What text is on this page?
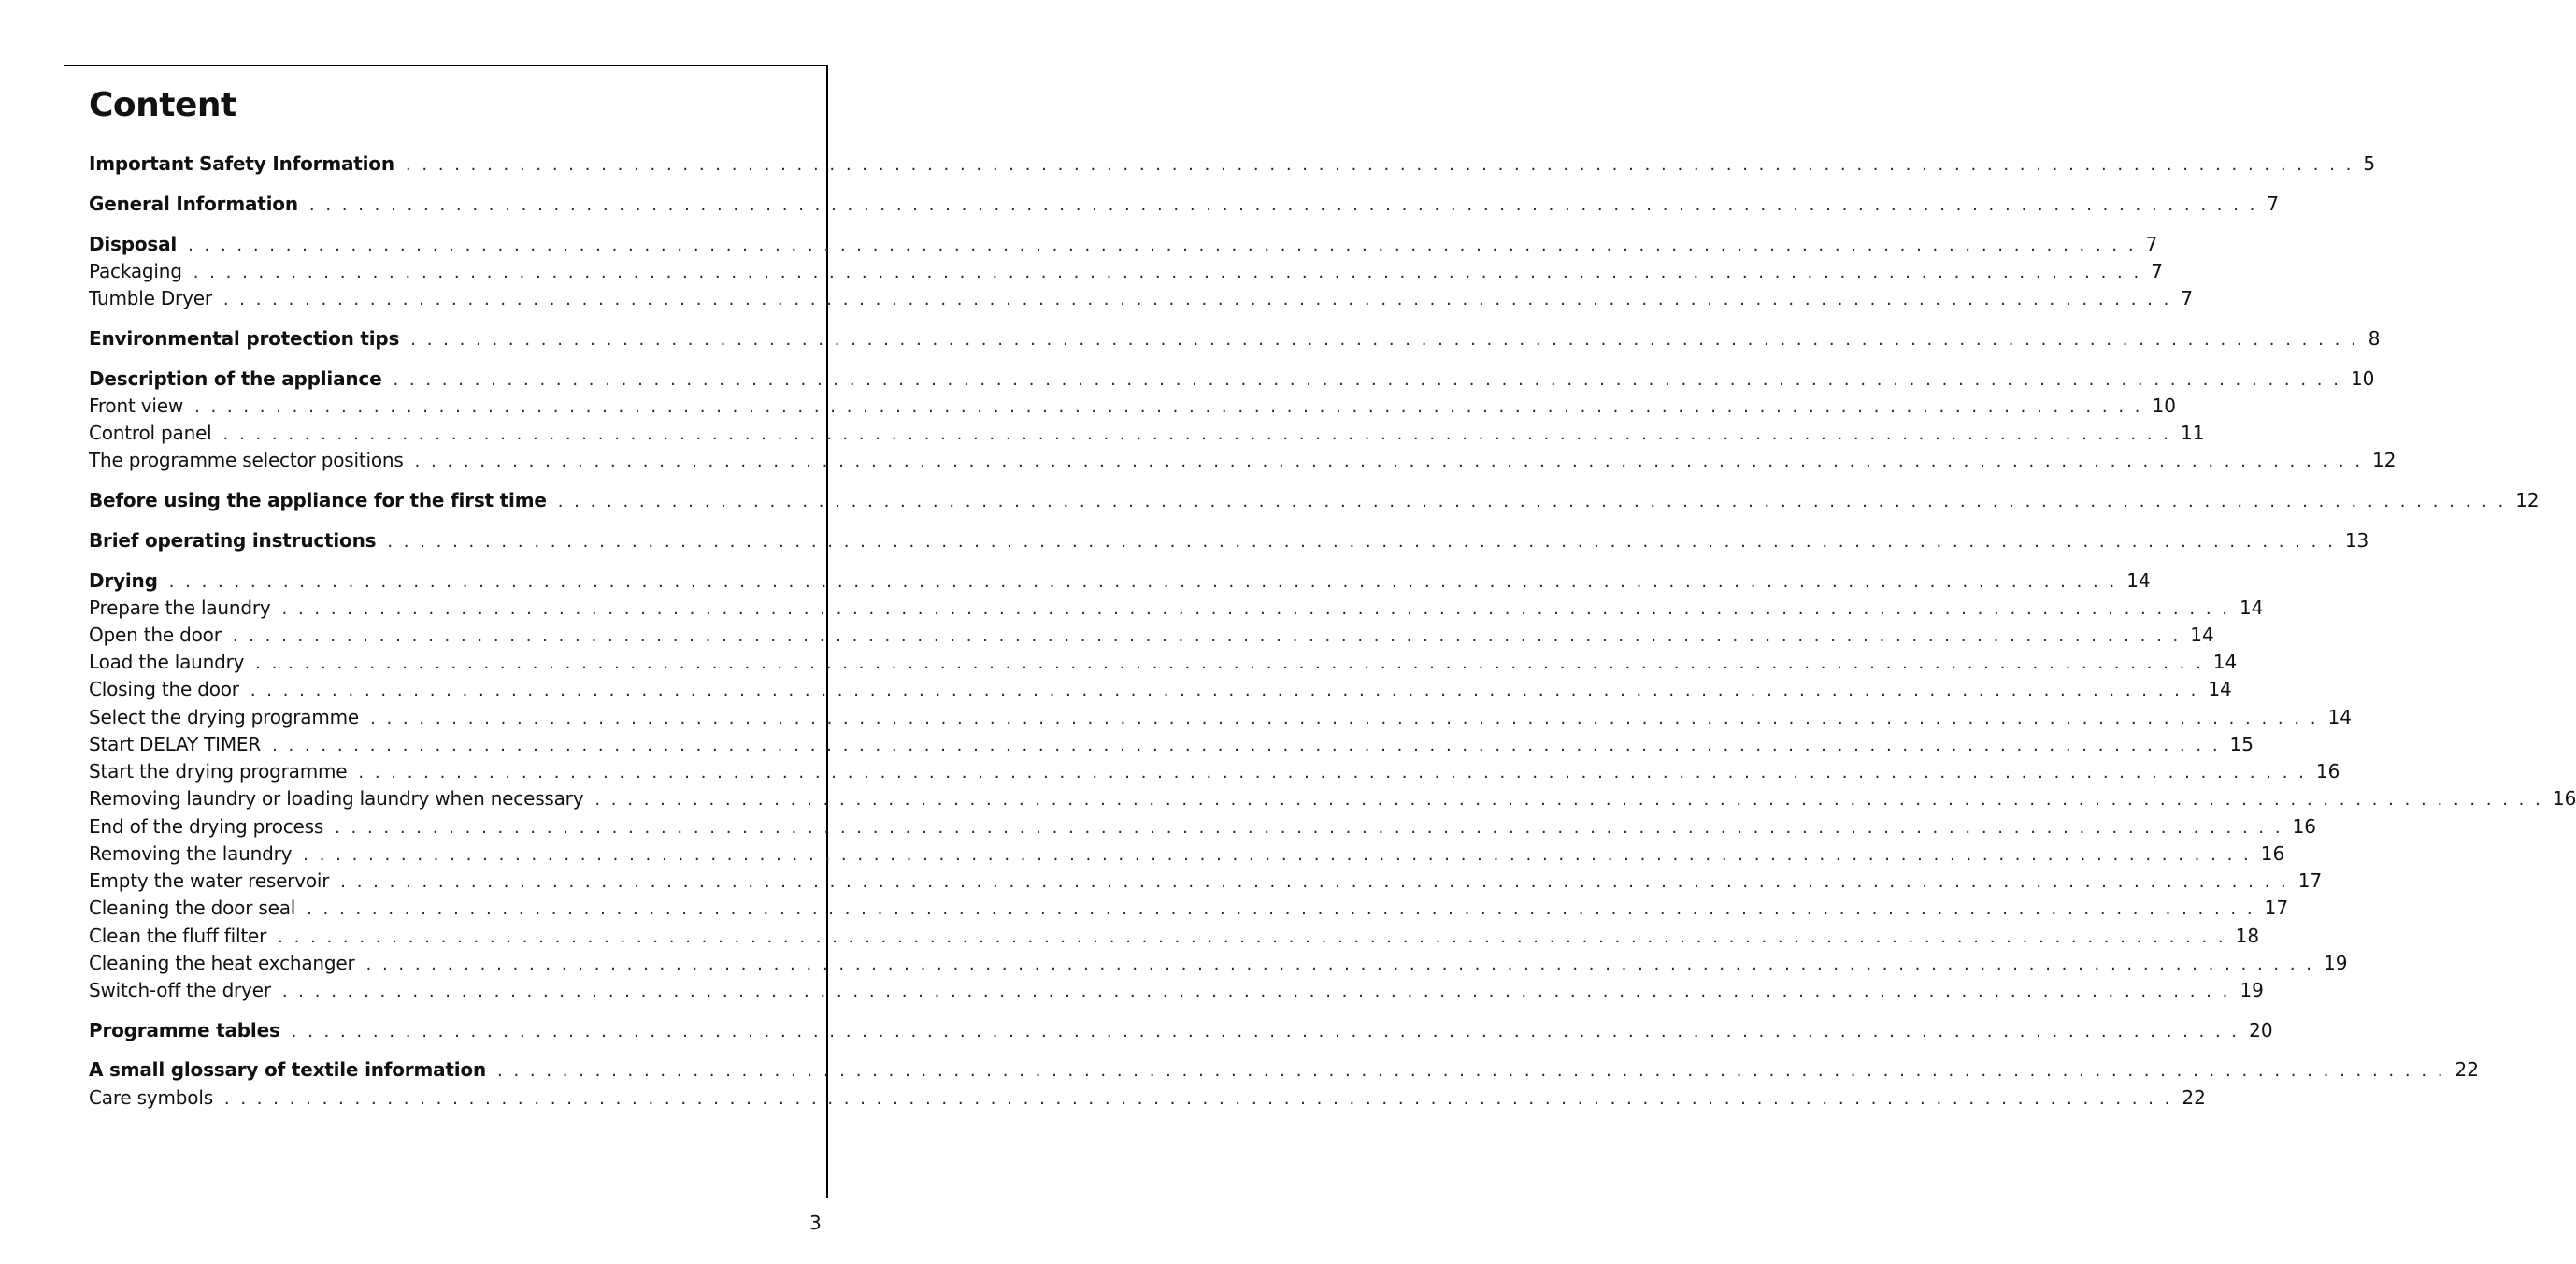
Content
Important Safety Information . . . . . . . . . . . . . . . . . . . . . . . . . . . . . . . . . . . . . . . . . . . . . . . . . . . . . . . . . . . . . . . . . . . . . . . . . . . . . . . . . . . . . . . . . . . . . . . . . . . . . . . . . . . . . . . . . . . . . . . . 5
General Information . . . . . . . . . . . . . . . . . . . . . . . . . . . . . . . . . . . . . . . . . . . . . . . . . . . . . . . . . . . . . . . . . . . . . . . . . . . . . . . . . . . . . . . . . . . . . . . . . . . . . . . . . . . . . . . . . . . . . . . . 7
Disposal . . . . . . . . . . . . . . . . . . . . . . . . . . . . . . . . . . . . . . . . . . . . . . . . . . . . . . . . . . . . . . . . . . . . . . . . . . . . . . . . . . . . . . . . . . . . . . . . . . . . . . . . . . . . . . . . . . . . . . . . 7
Packaging . . . . . . . . . . . . . . . . . . . . . . . . . . . . . . . . . . . . . . . . . . . . . . . . . . . . . . . . . . . . . . . . . . . . . . . . . . . . . . . . . . . . . . . . . . . . . . . . . . . . . . . . . . . . . . . . . . . . . . . . 7
Tumble Dryer . . . . . . . . . . . . . . . . . . . . . . . . . . . . . . . . . . . . . . . . . . . . . . . . . . . . . . . . . . . . . . . . . . . . . . . . . . . . . . . . . . . . . . . . . . . . . . . . . . . . . . . . . . . . . . . . . . . . . . . . 7
Environmental protection tips . . . . . . . . . . . . . . . . . . . . . . . . . . . . . . . . . . . . . . . . . . . . . . . . . . . . . . . . . . . . . . . . . . . . . . . . . . . . . . . . . . . . . . . . . . . . . . . . . . . . . . . . . . . . . . . . . . . . . . . . 8
Description of the appliance . . . . . . . . . . . . . . . . . . . . . . . . . . . . . . . . . . . . . . . . . . . . . . . . . . . . . . . . . . . . . . . . . . . . . . . . . . . . . . . . . . . . . . . . . . . . . . . . . . . . . . . . . . . . . . . . . . . . . . . . 10
Front view . . . . . . . . . . . . . . . . . . . . . . . . . . . . . . . . . . . . . . . . . . . . . . . . . . . . . . . . . . . . . . . . . . . . . . . . . . . . . . . . . . . . . . . . . . . . . . . . . . . . . . . . . . . . . . . . . . . . . . . . 10
Control panel . . . . . . . . . . . . . . . . . . . . . . . . . . . . . . . . . . . . . . . . . . . . . . . . . . . . . . . . . . . . . . . . . . . . . . . . . . . . . . . . . . . . . . . . . . . . . . . . . . . . . . . . . . . . . . . . . . . . . . . . 11
The programme selector positions . . . . . . . . . . . . . . . . . . . . . . . . . . . . . . . . . . . . . . . . . . . . . . . . . . . . . . . . . . . . . . . . . . . . . . . . . . . . . . . . . . . . . . . . . . . . . . . . . . . . . . . . . . . . . . . . . . . . . . . . 12
Before using the appliance for the first time . . . . . . . . . . . . . . . . . . . . . . . . . . . . . . . . . . . . . . . . . . . . . . . . . . . . . . . . . . . . . . . . . . . . . . . . . . . . . . . . . . . . . . . . . . . . . . . . . . . . . . . . . . . . . . . . . . . . . . . . 12
Brief operating instructions . . . . . . . . . . . . . . . . . . . . . . . . . . . . . . . . . . . . . . . . . . . . . . . . . . . . . . . . . . . . . . . . . . . . . . . . . . . . . . . . . . . . . . . . . . . . . . . . . . . . . . . . . . . . . . . . . . . . . . . . 13
Drying . . . . . . . . . . . . . . . . . . . . . . . . . . . . . . . . . . . . . . . . . . . . . . . . . . . . . . . . . . . . . . . . . . . . . . . . . . . . . . . . . . . . . . . . . . . . . . . . . . . . . . . . . . . . . . . . . . . . . . . . 14
Prepare the laundry . . . . . . . . . . . . . . . . . . . . . . . . . . . . . . . . . . . . . . . . . . . . . . . . . . . . . . . . . . . . . . . . . . . . . . . . . . . . . . . . . . . . . . . . . . . . . . . . . . . . . . . . . . . . . . . . . . . . . . . . 14
Open the door . . . . . . . . . . . . . . . . . . . . . . . . . . . . . . . . . . . . . . . . . . . . . . . . . . . . . . . . . . . . . . . . . . . . . . . . . . . . . . . . . . . . . . . . . . . . . . . . . . . . . . . . . . . . . . . . . . . . . . . . 14
Load the laundry . . . . . . . . . . . . . . . . . . . . . . . . . . . . . . . . . . . . . . . . . . . . . . . . . . . . . . . . . . . . . . . . . . . . . . . . . . . . . . . . . . . . . . . . . . . . . . . . . . . . . . . . . . . . . . . . . . . . . . . . 14
Closing the door . . . . . . . . . . . . . . . . . . . . . . . . . . . . . . . . . . . . . . . . . . . . . . . . . . . . . . . . . . . . . . . . . . . . . . . . . . . . . . . . . . . . . . . . . . . . . . . . . . . . . . . . . . . . . . . . . . . . . . . . 14
Select the drying programme . . . . . . . . . . . . . . . . . . . . . . . . . . . . . . . . . . . . . . . . . . . . . . . . . . . . . . . . . . . . . . . . . . . . . . . . . . . . . . . . . . . . . . . . . . . . . . . . . . . . . . . . . . . . . . . . . . . . . . . . 14
Start DELAY TIMER . . . . . . . . . . . . . . . . . . . . . . . . . . . . . . . . . . . . . . . . . . . . . . . . . . . . . . . . . . . . . . . . . . . . . . . . . . . . . . . . . . . . . . . . . . . . . . . . . . . . . . . . . . . . . . . . . . . . . . . . 15
Start the drying programme . . . . . . . . . . . . . . . . . . . . . . . . . . . . . . . . . . . . . . . . . . . . . . . . . . . . . . . . . . . . . . . . . . . . . . . . . . . . . . . . . . . . . . . . . . . . . . . . . . . . . . . . . . . . . . . . . . . . . . . . 16
Removing laundry or loading laundry when necessary . . . . . . . . . . . . . . . . . . . . . . . . . . . . . . . . . . . . . . . . . . . . . . . . . . . . . . . . . . . . . . . . . . . . . . . . . . . . . . . . . . . . . . . . . . . . . . . . . . . . . . . . . . . . . . . . . . . . . . . . 16
End of the drying process . . . . . . . . . . . . . . . . . . . . . . . . . . . . . . . . . . . . . . . . . . . . . . . . . . . . . . . . . . . . . . . . . . . . . . . . . . . . . . . . . . . . . . . . . . . . . . . . . . . . . . . . . . . . . . . . . . . . . . . . 16
Removing the laundry . . . . . . . . . . . . . . . . . . . . . . . . . . . . . . . . . . . . . . . . . . . . . . . . . . . . . . . . . . . . . . . . . . . . . . . . . . . . . . . . . . . . . . . . . . . . . . . . . . . . . . . . . . . . . . . . . . . . . . . . 16
Empty the water reservoir . . . . . . . . . . . . . . . . . . . . . . . . . . . . . . . . . . . . . . . . . . . . . . . . . . . . . . . . . . . . . . . . . . . . . . . . . . . . . . . . . . . . . . . . . . . . . . . . . . . . . . . . . . . . . . . . . . . . . . . . 17
Cleaning the door seal . . . . . . . . . . . . . . . . . . . . . . . . . . . . . . . . . . . . . . . . . . . . . . . . . . . . . . . . . . . . . . . . . . . . . . . . . . . . . . . . . . . . . . . . . . . . . . . . . . . . . . . . . . . . . . . . . . . . . . . . 17
Clean the fluff filter . . . . . . . . . . . . . . . . . . . . . . . . . . . . . . . . . . . . . . . . . . . . . . . . . . . . . . . . . . . . . . . . . . . . . . . . . . . . . . . . . . . . . . . . . . . . . . . . . . . . . . . . . . . . . . . . . . . . . . . . 18
Cleaning the heat exchanger . . . . . . . . . . . . . . . . . . . . . . . . . . . . . . . . . . . . . . . . . . . . . . . . . . . . . . . . . . . . . . . . . . . . . . . . . . . . . . . . . . . . . . . . . . . . . . . . . . . . . . . . . . . . . . . . . . . . . . . . 19
Switch-off the dryer . . . . . . . . . . . . . . . . . . . . . . . . . . . . . . . . . . . . . . . . . . . . . . . . . . . . . . . . . . . . . . . . . . . . . . . . . . . . . . . . . . . . . . . . . . . . . . . . . . . . . . . . . . . . . . . . . . . . . . . . 19
Programme tables . . . . . . . . . . . . . . . . . . . . . . . . . . . . . . . . . . . . . . . . . . . . . . . . . . . . . . . . . . . . . . . . . . . . . . . . . . . . . . . . . . . . . . . . . . . . . . . . . . . . . . . . . . . . . . . . . . . . . . . . 20
A small glossary of textile information . . . . . . . . . . . . . . . . . . . . . . . . . . . . . . . . . . . . . . . . . . . . . . . . . . . . . . . . . . . . . . . . . . . . . . . . . . . . . . . . . . . . . . . . . . . . . . . . . . . . . . . . . . . . . . . . . . . . . . . . 22
Care symbols . . . . . . . . . . . . . . . . . . . . . . . . . . . . . . . . . . . . . . . . . . . . . . . . . . . . . . . . . . . . . . . . . . . . . . . . . . . . . . . . . . . . . . . . . . . . . . . . . . . . . . . . . . . . . . . . . . . . . . . . 22
3
